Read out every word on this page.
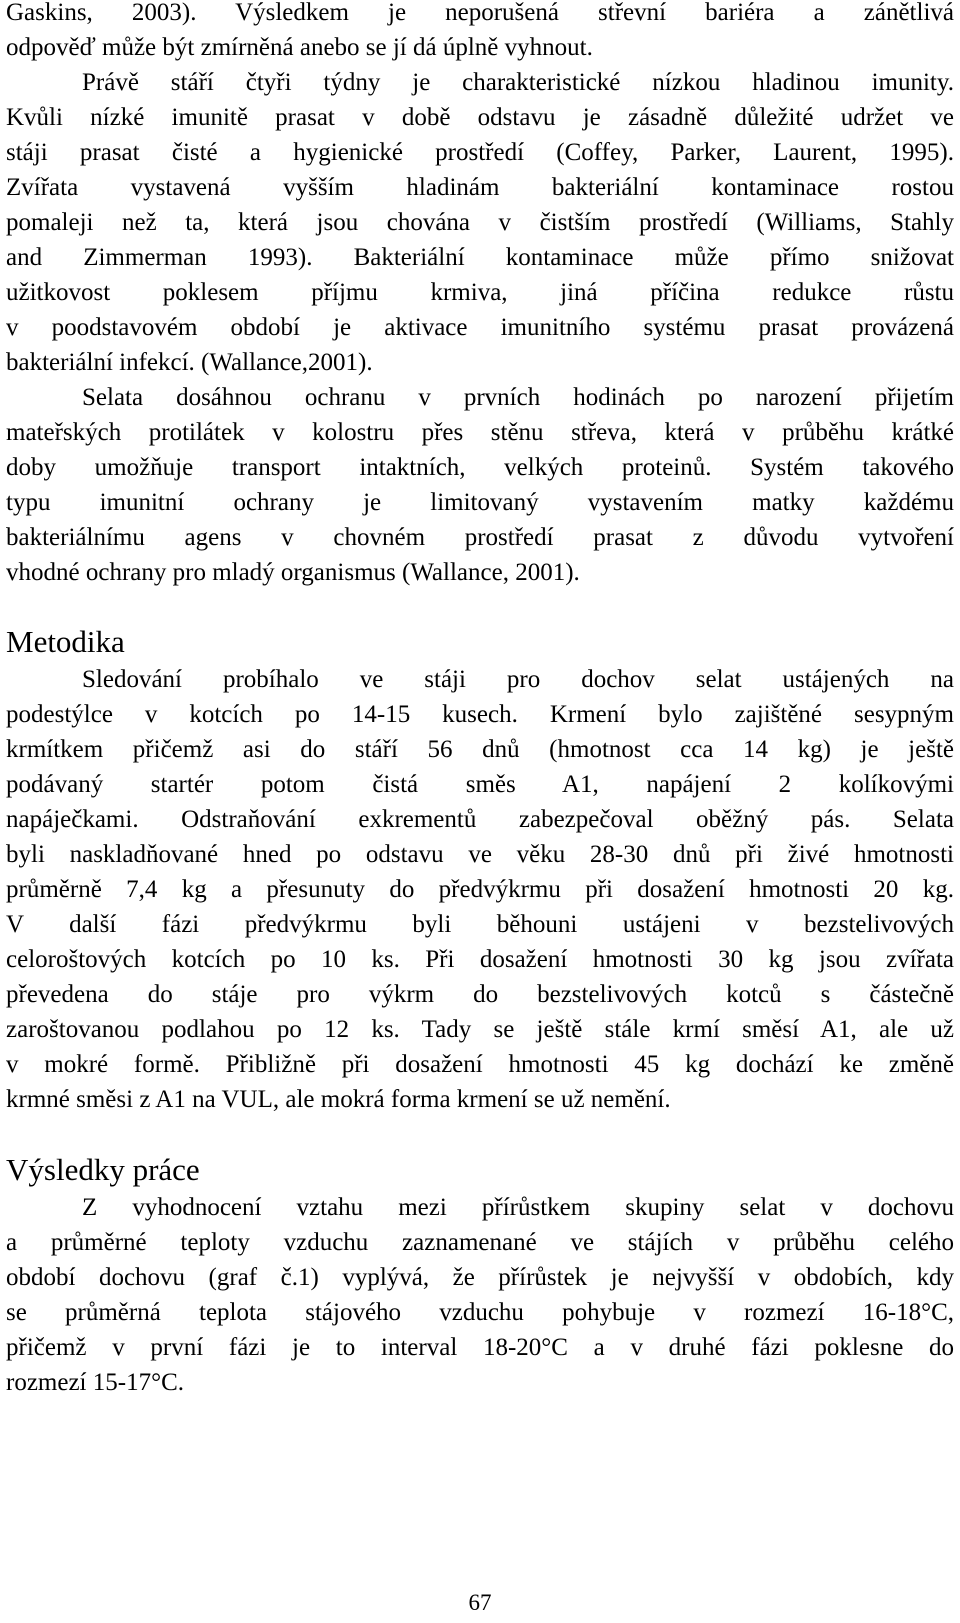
Gaskins, 2003). Výsledkem je neporušená střevní bariéra a zánětlivá
odpověď může být zmírněná anebo se jí dá úplně vyhnout.
Právě stáří čtyři týdny je charakteristické nízkou hladinou imunity.
Kvůli nízké imunitě prasat v době odstavu je zásadně důležité udržet ve
stáji prasat čisté a hygienické prostředí (Coffey, Parker, Laurent, 1995).
Zvířata vystavená vyšším hladinám bakteriální kontaminace rostou
pomaleji než ta, která jsou chována v čistším prostředí (Williams, Stahly
and Zimmerman 1993). Bakteriální kontaminace může přímo snižovat
užitkovost poklesem příjmu krmiva, jiná příčina redukce růstu
v poodstavovém období je aktivace imunitního systému prasat provázená
bakteriální infekcí. (Wallance,2001).
Selata dosáhnou ochranu v prvních hodinách po narození přijetím
mateřských protilátek v kolostru přes stěnu střeva, která v průběhu krátké
doby umožňuje transport intaktních, velkých proteinů. Systém takového
typu imunitní ochrany je limitovaný vystavením matky každému
bakteriálnímu agens v chovném prostředí prasat z důvodu vytvoření
vhodné ochrany pro mladý organismus (Wallance, 2001).
Metodika
Sledování probíhalo ve stáji pro dochov selat ustájených na
podestýlce v kotcích po 14-15 kusech. Krmení bylo zajištěné sesypným
krmítkem přičemž asi do stáří 56 dnů (hmotnost cca 14 kg) je ještě
podávaný startér potom čistá směs A1, napájení 2 kolíkovými
napáječkami. Odstraňování exkrementů zabezpečoval oběžný pás. Selata
byli naskladňované hned po odstavu ve věku 28-30 dnů při živé hmotnosti
průměrně 7,4 kg a přesunuty do předvýkrmu při dosažení hmotnosti 20 kg.
V další fázi předvýkrmu byli běhouni ustájeni v bezstelivových
celoroštových kotcích po 10 ks. Při dosažení hmotnosti 30 kg jsou zvířata
převedena do stáje pro výkrm do bezstelivových kotců s částečně
zaroštovanou podlahou po 12 ks. Tady se ještě stále krmí směsí A1, ale už
v mokré formě. Přibližně při dosažení hmotnosti 45 kg dochází ke změně
krmné směsi z A1 na VUL, ale mokrá forma krmení se už nemění.
Výsledky práce
Z vyhodnocení vztahu mezi přírůstkem skupiny selat v dochovu
a průměrné teploty vzduchu zaznamenané ve stájích v průběhu celého
období dochovu (graf č.1) vyplývá, že přírůstek je nejvyšší v obdobích, kdy
se průměrná teplota stájového vzduchu pohybuje v rozmezí 16-18°C,
přičemž v první fázi je to interval 18-20°C a v druhé fázi poklesne do
rozmezí 15-17°C.
67
